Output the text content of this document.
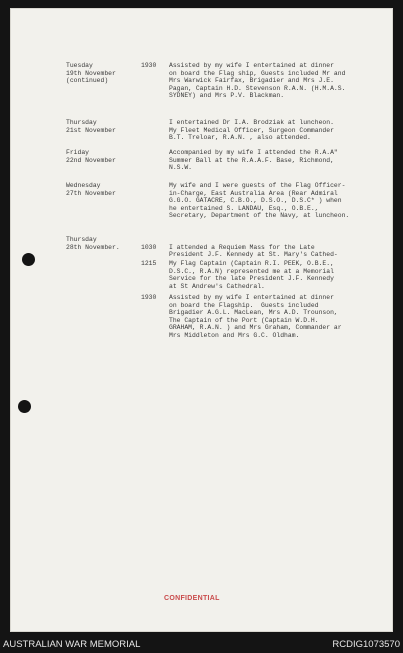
Tuesday
19th November
(continued)
1930 Assisted by my wife I entertained at dinner
on board the Flag ship, Guests included Mr and
Mrs Warwick Fairfax, Brigadier and Mrs J.E.
Pagan, Captain H.D. Stevenson R.A.N. (H.M.A.S.
SYDNEY) and Mrs P.V. Blackman.
Thursday
21st November
I entertained Dr I.A. Brodziak at luncheon.
My Fleet Medical Officer, Surgeon Commander
B.T. Treloar, R.A.N. , also attended.
Friday
22nd November
Accompanied by my wife I attended the R.A.A"
Summer Ball at the R.A.A.F. Base, Richmond,
N.S.W.
Wednesday
27th November
My wife and I were guests of the Flag Officer-
in-Charge, East Australia Area (Rear Admiral
G.G.O. GATACRE, C.B.O., D.S.O., D.S.C* ) when
he entertained S. LANDAU, Esq., O.B.E.,
Secretary, Department of the Navy, at luncheon.
Thursday
28th November.	1030 I attended a Requiem Mass for the Late
President J.F. Kennedy at St. Mary's Cathed-
1215 My Flag Captain (Captain R.I. PEEK, O.B.E.,
D.S.C., R.A.N) represented me at a Memorial
Service for the late President J.F. Kennedy
at St Andrew's Cathedral.
1930 Assisted by my wife I entertained at dinner
on board the Flagship.  Guests included
Brigadier A.G.L. MacLean, Mrs A.D. Trounson,
The Captain of the Port (Captain W.D.H.
GRAHAM, R.A.N. ) and Mrs Graham, Commander ar
Mrs Middleton and Mrs G.C. Oldham.
CONFIDENTIAL
AUSTRALIAN WAR MEMORIAL	RCDIG1073570
